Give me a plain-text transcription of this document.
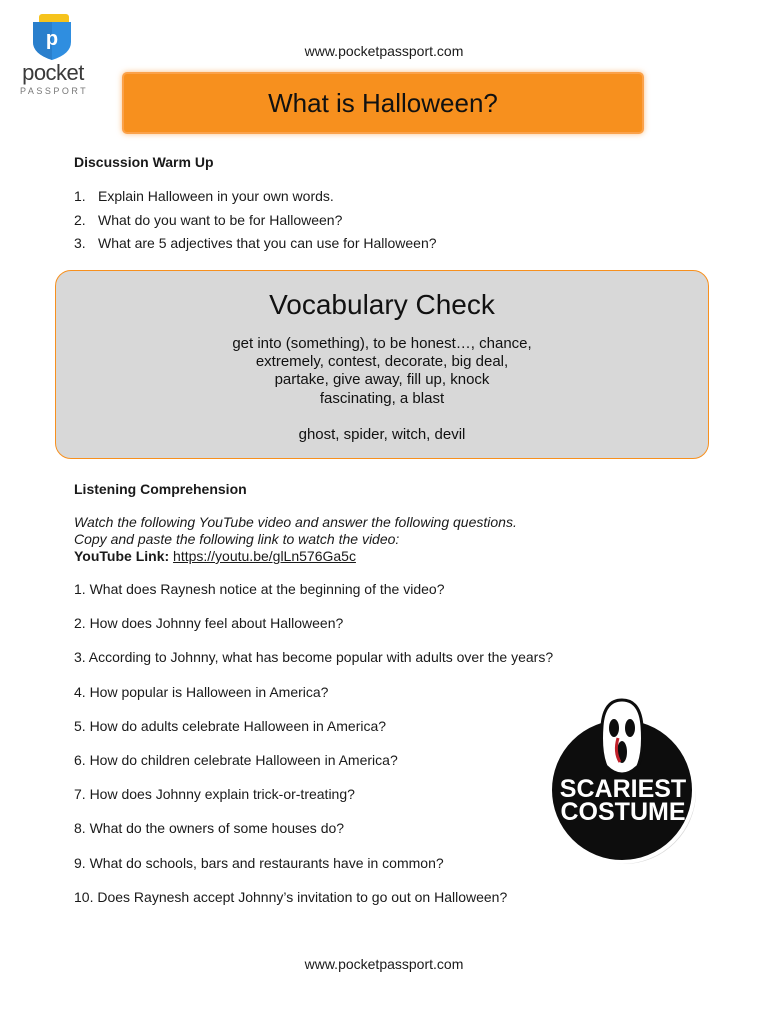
p
pocket
PASSPORT
www.pocketpassport.com
What is Halloween?
Discussion Warm Up
1. Explain Halloween in your own words.
2. What do you want to be for Halloween?
3. What are 5 adjectives that you can use for Halloween?
Vocabulary Check
get into (something), to be honest…, chance,
extremely, contest, decorate, big deal,
partake, give away, fill up, knock
fascinating, a blast
ghost, spider, witch, devil
Listening Comprehension
Watch the following YouTube video and answer the following questions.
Copy and paste the following link to watch the video:
YouTube Link: https://youtu.be/glLn576Ga5c
1. What does Raynesh notice at the beginning of the video?
2. How does Johnny feel about Halloween?
3. According to Johnny, what has become popular with adults over the years?
4. How popular is Halloween in America?
5. How do adults celebrate Halloween in America?
6. How do children celebrate Halloween in America?
7. How does Johnny explain trick-or-treating?
8. What do the owners of some houses do?
9. What do schools, bars and restaurants have in common?
10. Does Raynesh accept Johnny’s invitation to go out on Halloween?
SCARIEST
COSTUME
www.pocketpassport.com
